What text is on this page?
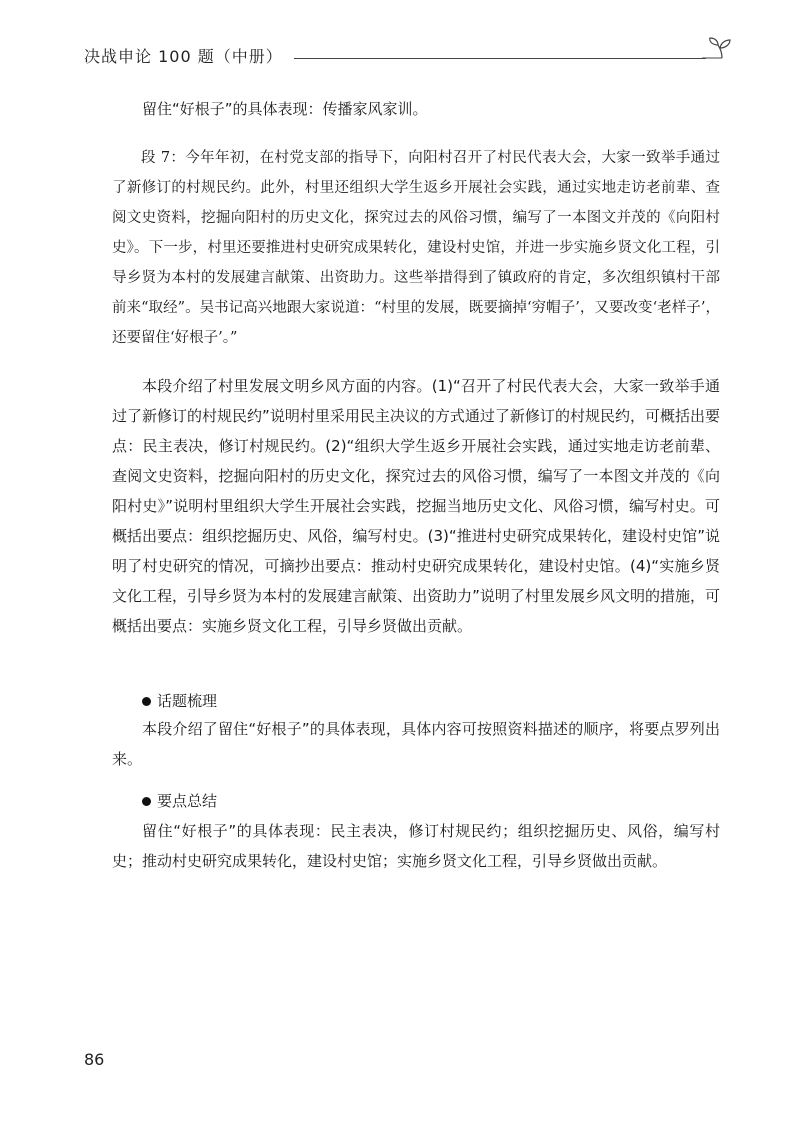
决战申论 100 题（中册）

留住“好根子”的具体表现：传播家风家训。

段 7：今年年初，在村党支部的指导下，向阳村召开了村民代表大会，大家一致举手通过了新修订的村规民约。此外，村里还组织大学生返乡开展社会实践，通过实地走访老前辈、查阅文史资料，挖掘向阳村的历史文化，探究过去的风俗习惯，编写了一本图文并茂的《向阳村史》。下一步，村里还要推进村史研究成果转化，建设村史馆，并进一步实施乡贤文化工程，引导乡贤为本村的发展建言献策、出资助力。这些举措得到了镇政府的肯定，多次组织镇村干部前来“取经”。吴书记高兴地跟大家说道：“村里的发展，既要摘掉‘穷帽子’，又要改变‘老样子’，还要留住‘好根子’。”

本段介绍了村里发展文明乡风方面的内容。(1)“召开了村民代表大会，大家一致举手通过了新修订的村规民约”说明村里采用民主决议的方式通过了新修订的村规民约，可概括出要点：民主表决，修订村规民约。(2)“组织大学生返乡开展社会实践，通过实地走访老前辈、查阅文史资料，挖掘向阳村的历史文化，探究过去的风俗习惯，编写了一本图文并茂的《向阳村史》”说明村里组织大学生开展社会实践，挖掘当地历史文化、风俗习惯，编写村史。可概括出要点：组织挖掘历史、风俗，编写村史。(3)“推进村史研究成果转化，建设村史馆”说明了村史研究的情况，可摘抄出要点：推动村史研究成果转化，建设村史馆。(4)“实施乡贤文化工程，引导乡贤为本村的发展建言献策、出资助力”说明了村里发展乡风文明的措施，可概括出要点：实施乡贤文化工程，引导乡贤做出贡献。

话题梳理

本段介绍了留住“好根子”的具体表现，具体内容可按照资料描述的顺序，将要点罗列出来。

要点总结

留住“好根子”的具体表现：民主表决，修订村规民约；组织挖掘历史、风俗，编写村史；推动村史研究成果转化，建设村史馆；实施乡贤文化工程，引导乡贤做出贡献。

86
